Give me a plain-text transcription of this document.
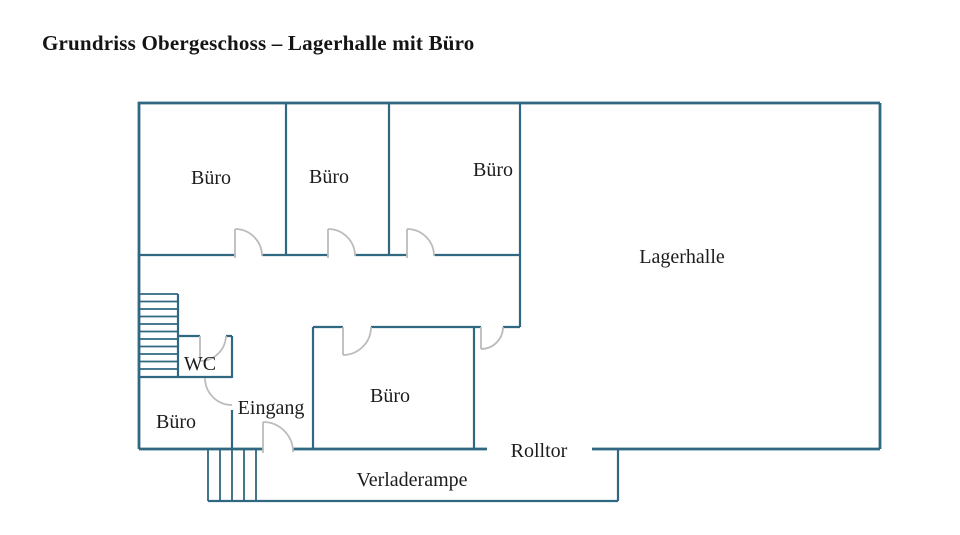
Grundriss Obergeschoss – Lagerhalle mit Büro
Büro	Büro	Büro
Lagerhalle
WC
Büro
Eingang
Büro
Rolltor
Verladerampe
